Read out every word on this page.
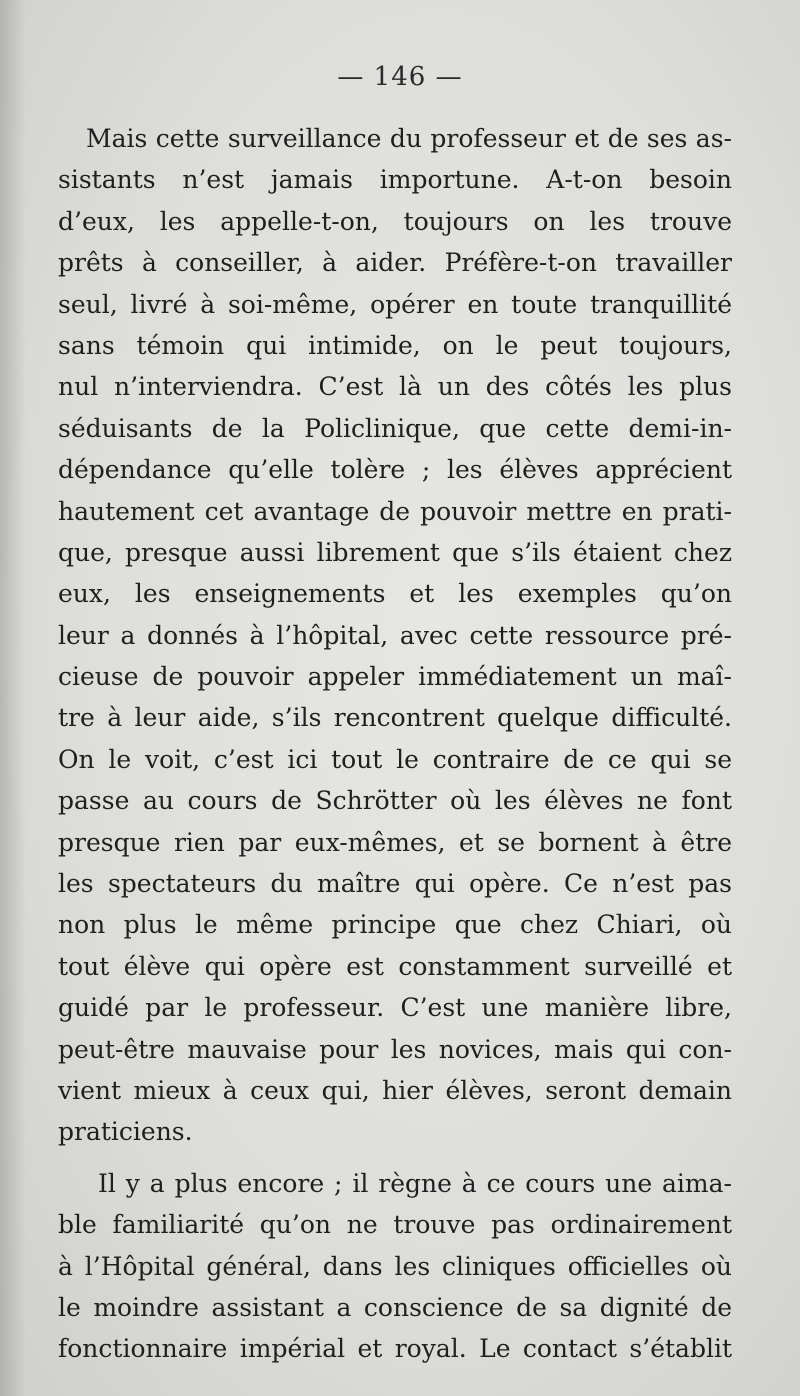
— 146 —
Mais cette surveillance du professeur et de ses as-
sistants n’est jamais importune. A-t-on besoin
d’eux, les appelle-t-on, toujours on les trouve
prêts à conseiller, à aider. Préfère-t-on travailler
seul, livré à soi-même, opérer en toute tranquillité
sans témoin qui intimide, on le peut toujours,
nul n’interviendra. C’est là un des côtés les plus
séduisants de la Policlinique, que cette demi-in-
dépendance qu’elle tolère ; les élèves apprécient
hautement cet avantage de pouvoir mettre en prati-
que, presque aussi librement que s’ils étaient chez
eux, les enseignements et les exemples qu’on
leur a donnés à l’hôpital, avec cette ressource pré-
cieuse de pouvoir appeler immédiatement un maî-
tre à leur aide, s’ils rencontrent quelque difficulté.
On le voit, c’est ici tout le contraire de ce qui se
passe au cours de Schrötter où les élèves ne font
presque rien par eux-mêmes, et se bornent à être
les spectateurs du maître qui opère. Ce n’est pas
non plus le même principe que chez Chiari, où
tout élève qui opère est constamment surveillé et
guidé par le professeur. C’est une manière libre,
peut-être mauvaise pour les novices, mais qui con-
vient mieux à ceux qui, hier élèves, seront demain
praticiens.
Il y a plus encore ; il règne à ce cours une aima-
ble familiarité qu’on ne trouve pas ordinairement
à l’Hôpital général, dans les cliniques officielles où
le moindre assistant a conscience de sa dignité de
fonctionnaire impérial et royal. Le contact s’établit
